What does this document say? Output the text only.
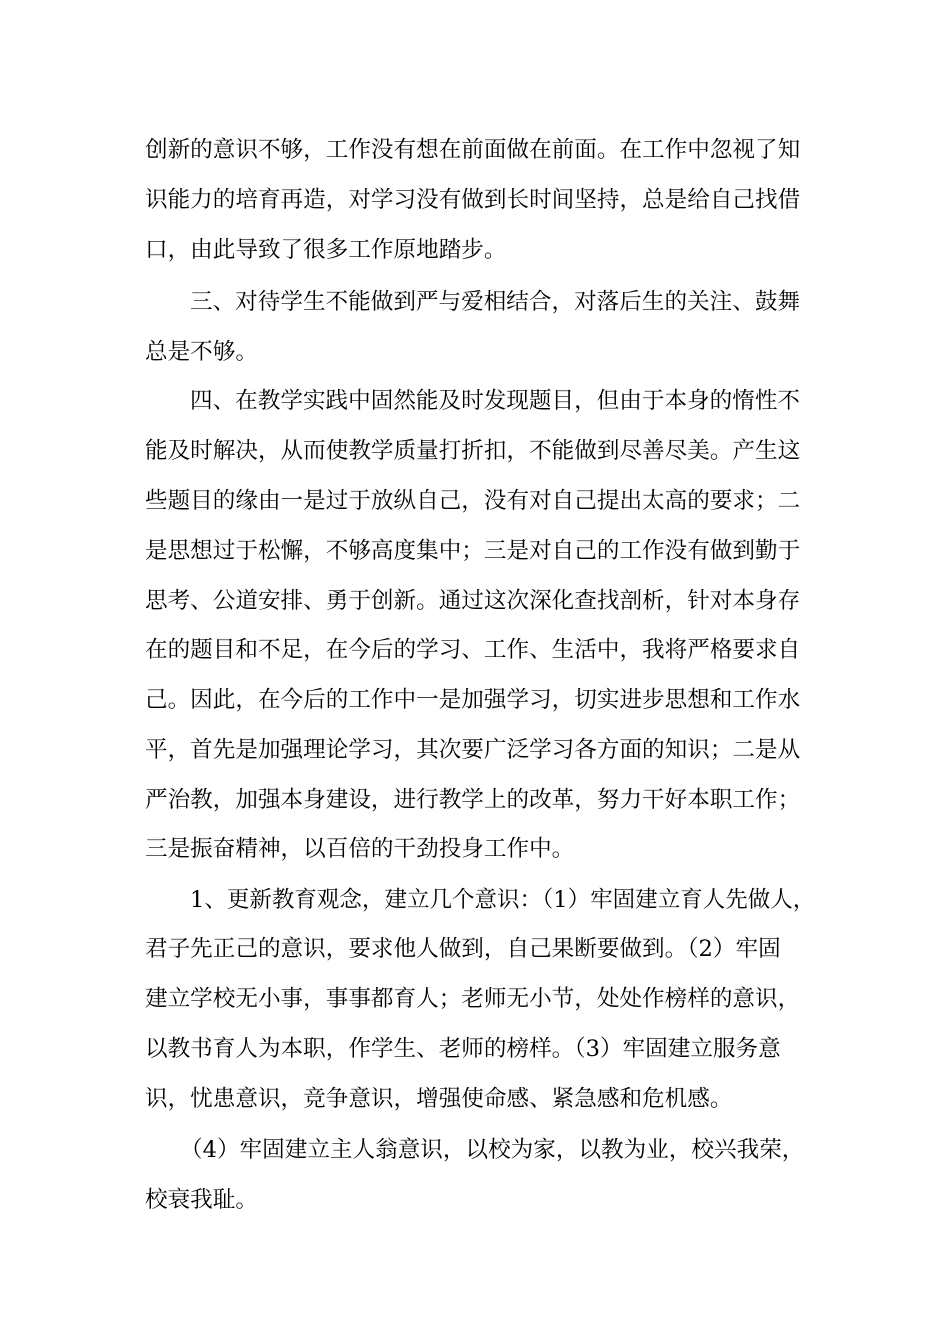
创新的意识不够，工作没有想在前面做在前面。在工作中忽视了知
识能力的培育再造，对学习没有做到长时间坚持，总是给自己找借
口，由此导致了很多工作原地踏步。
三、对待学生不能做到严与爱相结合，对落后生的关注、鼓舞
总是不够。
四、在教学实践中固然能及时发现题目，但由于本身的惰性不
能及时解决，从而使教学质量打折扣，不能做到尽善尽美。产生这
些题目的缘由一是过于放纵自己，没有对自己提出太高的要求；二
是思想过于松懈，不够高度集中；三是对自己的工作没有做到勤于
思考、公道安排、勇于创新。通过这次深化查找剖析，针对本身存
在的题目和不足，在今后的学习、工作、生活中，我将严格要求自
己。因此，在今后的工作中一是加强学习，切实进步思想和工作水
平，首先是加强理论学习，其次要广泛学习各方面的知识；二是从
严治教，加强本身建设，进行教学上的改革，努力干好本职工作；
三是振奋精神，以百倍的干劲投身工作中。
1、更新教育观念，建立几个意识：（1）牢固建立育人先做人，
君子先正己的意识，要求他人做到，自己果断要做到。（2）牢固
建立学校无小事，事事都育人；老师无小节，处处作榜样的意识，
以教书育人为本职，作学生、老师的榜样。（3）牢固建立服务意
识，忧患意识，竞争意识，增强使命感、紧急感和危机感。
（4）牢固建立主人翁意识，以校为家，以教为业，校兴我荣，
校衰我耻。
